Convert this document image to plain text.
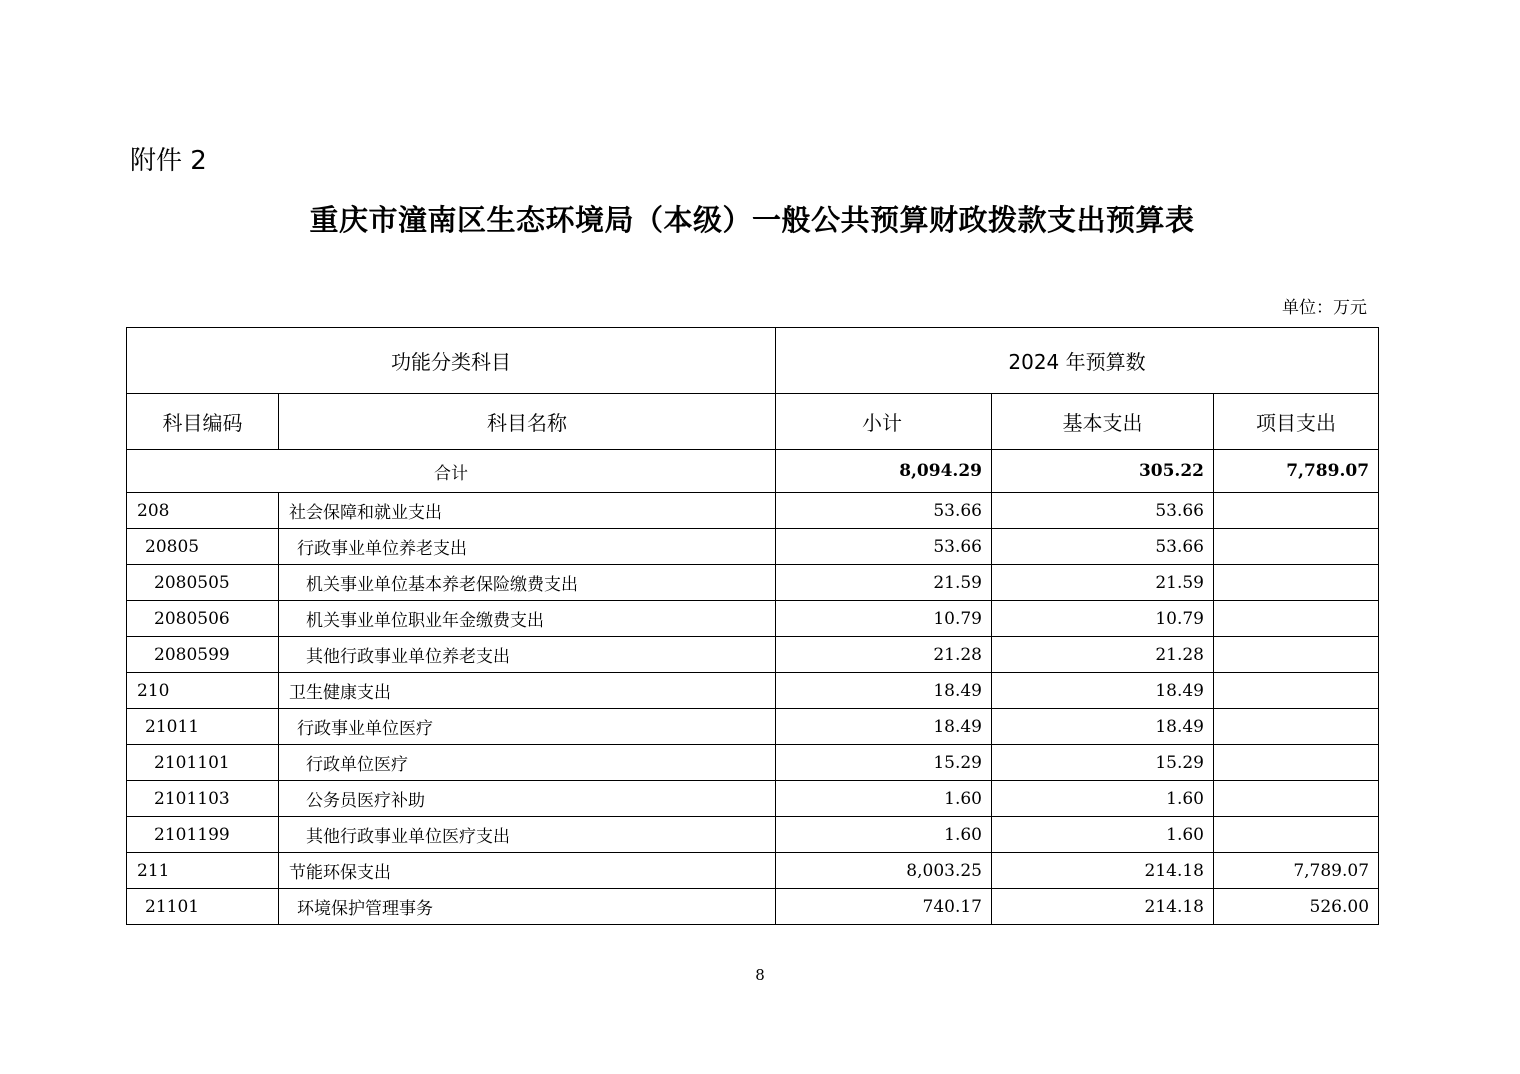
附件 2
重庆市潼南区生态环境局（本级）一般公共预算财政拨款支出预算表
单位：万元
功能分类科目		2024 年预算数		
科目编码	科目名称	小计	基本支出	项目支出
合计		8,094.29	305.22	7,789.07
208	社会保障和就业支出	53.66	53.66	
20805	行政事业单位养老支出	53.66	53.66	
2080505	机关事业单位基本养老保险缴费支出	21.59	21.59	
2080506	机关事业单位职业年金缴费支出	10.79	10.79	
2080599	其他行政事业单位养老支出	21.28	21.28	
210	卫生健康支出	18.49	18.49	
21011	行政事业单位医疗	18.49	18.49	
2101101	行政单位医疗	15.29	15.29	
2101103	公务员医疗补助	1.60	1.60	
2101199	其他行政事业单位医疗支出	1.60	1.60	
211	节能环保支出	8,003.25	214.18	7,789.07
21101	环境保护管理事务	740.17	214.18	526.00
8
